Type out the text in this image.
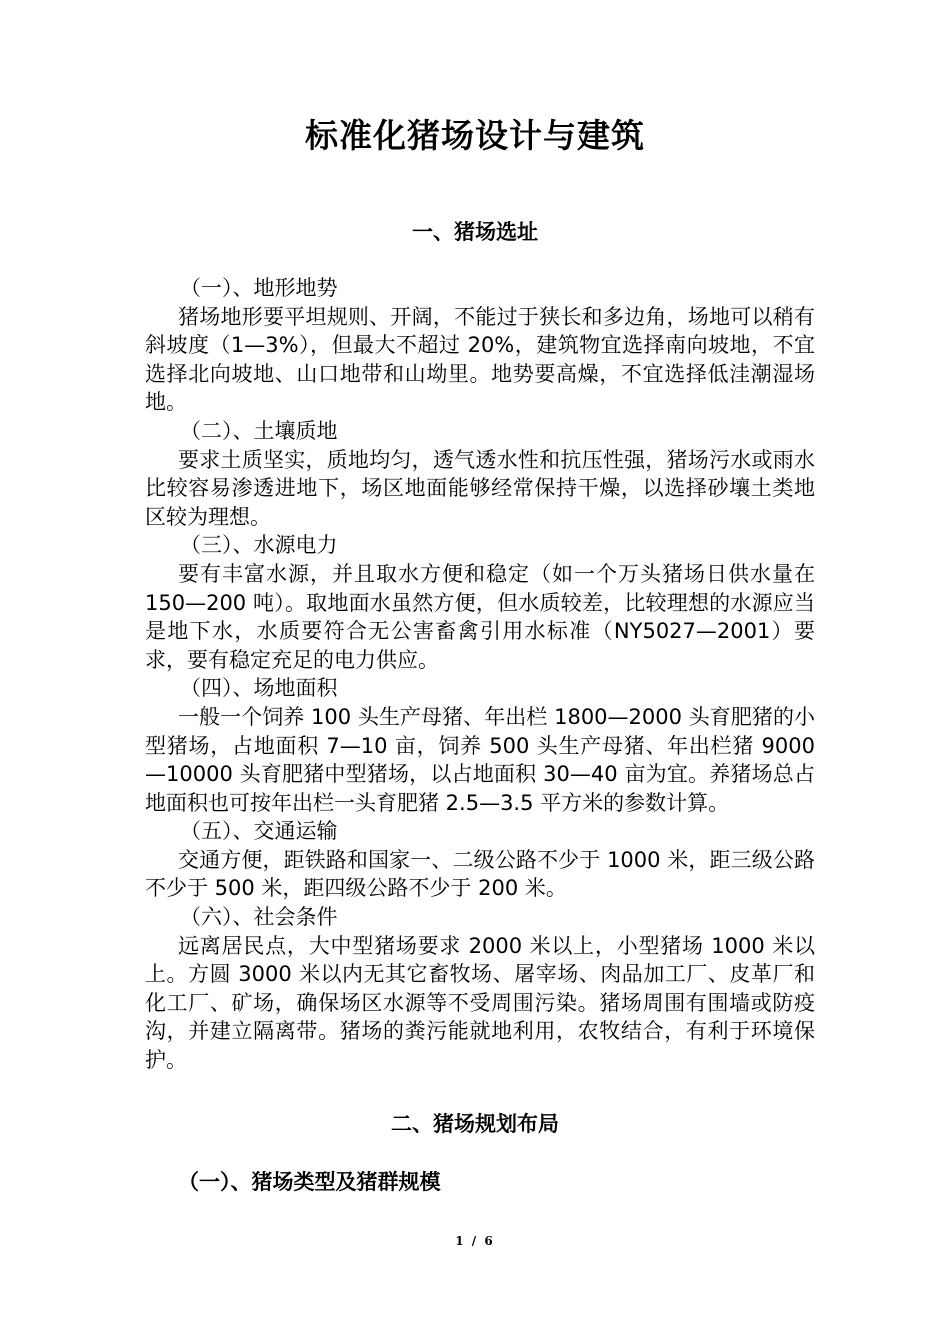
标准化猪场设计与建筑
一、猪场选址

（一）、地形地势

猪场地形要平坦规则、开阔，不能过于狭长和多边角，场地可以稍有斜坡度（1—3%），但最大不超过 20%，建筑物宜选择南向坡地，不宜选择北向坡地、山口地带和山坳里。地势要高燥，不宜选择低洼潮湿场地。

（二）、土壤质地

要求土质坚实，质地均匀，透气透水性和抗压性强，猪场污水或雨水比较容易渗透进地下，场区地面能够经常保持干燥，以选择砂壤土类地区较为理想。

（三）、水源电力

要有丰富水源，并且取水方便和稳定（如一个万头猪场日供水量在 150—200 吨）。取地面水虽然方便，但水质较差，比较理想的水源应当是地下水，水质要符合无公害畜禽引用水标准（NY5027—2001）要求，要有稳定充足的电力供应。

（四）、场地面积

一般一个饲养 100 头生产母猪、年出栏 1800—2000 头育肥猪的小型猪场，占地面积 7—10 亩，饲养 500 头生产母猪、年出栏猪 9000—10000 头育肥猪中型猪场，以占地面积 30—40 亩为宜。养猪场总占地面积也可按年出栏一头育肥猪 2.5—3.5 平方米的参数计算。

（五）、交通运输

交通方便，距铁路和国家一、二级公路不少于 1000 米，距三级公路不少于 500 米，距四级公路不少于 200 米。

（六）、社会条件

远离居民点，大中型猪场要求 2000 米以上，小型猪场 1000 米以上。方圆 3000 米以内无其它畜牧场、屠宰场、肉品加工厂、皮革厂和化工厂、矿场，确保场区水源等不受周围污染。猪场周围有围墙或防疫沟，并建立隔离带。猪场的粪污能就地利用，农牧结合，有利于环境保护。

二、猪场规划布局
（一）、猪场类型及猪群规模
1 / 6
